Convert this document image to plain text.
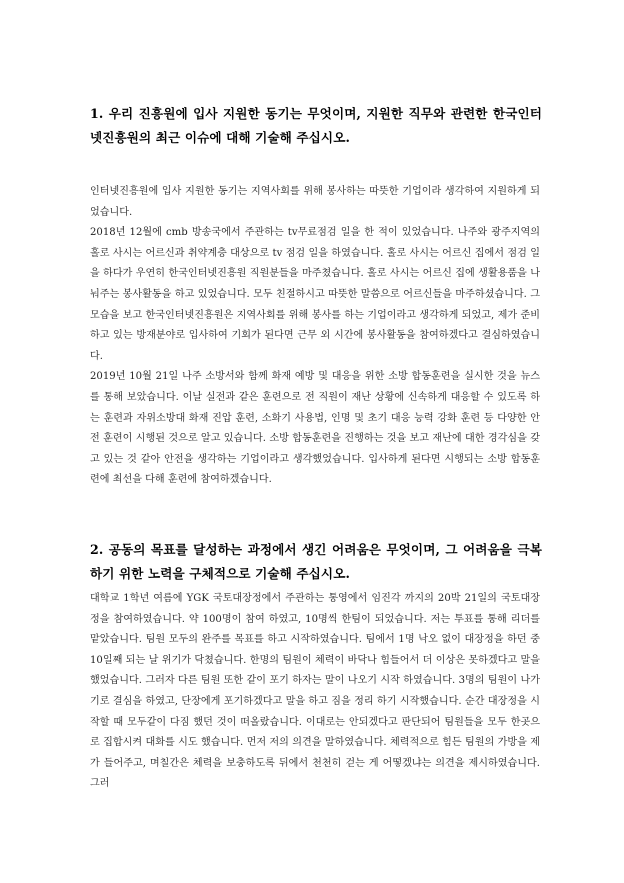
1. 우리 진흥원에 입사 지원한 동기는 무엇이며, 지원한 직무와 관련한 한국인터넷진흥원의 최근 이슈에 대해 기술해 주십시오.

인터넷진흥원에 입사 지원한 동기는 지역사회를 위해 봉사하는 따뜻한 기업이라 생각하여 지원하게 되었습니다.
2018년 12월에 cmb 방송국에서 주관하는 tv무료점검 일을 한 적이 있었습니다. 나주와 광주지역의 홀로 사시는 어르신과 취약계층 대상으로 tv 점검 일을 하였습니다. 홀로 사시는 어르신 집에서 점검 일을 하다가 우연히 한국인터넷진흥원 직원분들을 마주쳤습니다. 홀로 사시는 어르신 집에 생활용품을 나눠주는 봉사활동을 하고 있었습니다. 모두 친절하시고 따뜻한 말씀으로 어르신들을 마주하셨습니다. 그 모습을 보고 한국인터넷진흥원은 지역사회를 위해 봉사를 하는 기업이라고 생각하게 되었고, 제가 준비하고 있는 방재분야로 입사하여 기회가 된다면 근무 외 시간에 봉사활동을 참여하겠다고 결심하였습니다.
2019년 10월 21일 나주 소방서와 함께 화재 예방 및 대응을 위한 소방 합동훈련을 실시한 것을 뉴스를 통해 보았습니다. 이날 실전과 같은 훈련으로 전 직원이 재난 상황에 신속하게 대응할 수 있도록 하는 훈련과 자위소방대 화재 진압 훈련, 소화기 사용법, 인명 및 초기 대응 능력 강화 훈련 등 다양한 안전 훈련이 시행된 것으로 알고 있습니다. 소방 합동훈련을 진행하는 것을 보고 재난에 대한 경각심을 갖고 있는 것 같아 안전을 생각하는 기업이라고 생각했었습니다. 입사하게 된다면 시행되는 소방 합동훈련에 최선을 다해 훈련에 참여하겠습니다.

2. 공동의 목표를 달성하는 과정에서 생긴 어려움은 무엇이며, 그 어려움을 극복하기 위한 노력을 구체적으로 기술해 주십시오.

대학교 1학년 여름에 YGK 국토대장정에서 주관하는 통영에서 임진각 까지의 20박 21일의 국토대장정을 참여하였습니다. 약 100명이 참여 하였고, 10명씩 한팀이 되었습니다. 저는 투표를 통해 리더를 맡았습니다. 팀원 모두의 완주를 목표를 하고 시작하였습니다. 팀에서 1명 낙오 없이 대장정을 하던 중 10일째 되는 날 위기가 닥쳤습니다. 한명의 팀원이 체력이 바닥나 힘들어서 더 이상은 못하겠다고 말을 했었습니다. 그러자 다른 팀원 또한 같이 포기 하자는 말이 나오기 시작 하였습니다. 3명의 팀원이 나가기로 결심을 하였고, 단장에게 포기하겠다고 말을 하고 짐을 정리 하기 시작했습니다. 순간 대장정을 시작할 때 모두같이 다짐 했던 것이 떠올랐습니다. 이대로는 안되겠다고 판단되어 팀원들을 모두 한곳으로 집합시켜 대화를 시도 했습니다. 먼저 저의 의견을 말하였습니다. 체력적으로 힘든 팀원의 가방을 제가 들어주고, 며칠간은 체력을 보충하도록 뒤에서 천천히 걷는 게 어떻겠냐는 의견을 제시하였습니다. 그러
